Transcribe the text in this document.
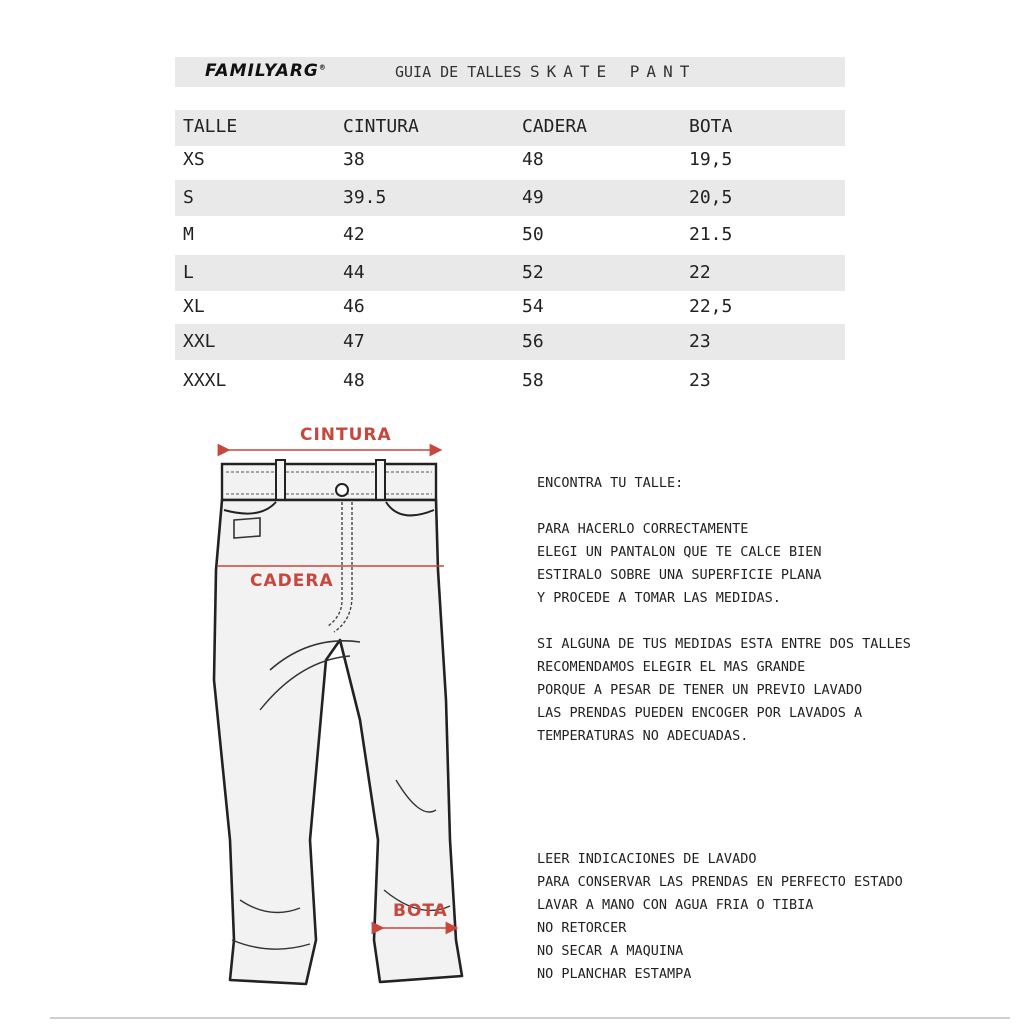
FAMILYARG®	GUIA DE TALLES SKATE PANT
TALLE	CINTURA	CADERA	BOTA
XS	38	48	19,5
S	39.5	49	20,5
M	42	50	21.5
L	44	52	22
XL	46	54	22,5
XXL	47	56	23
XXXL	48	58	23
CINTURA
CADERA
BOTA
ENCONTRA TU TALLE:

PARA HACERLO CORRECTAMENTE
ELEGI UN PANTALON QUE TE CALCE BIEN
ESTIRALO SOBRE UNA SUPERFICIE PLANA
Y PROCEDE A TOMAR LAS MEDIDAS.

SI ALGUNA DE TUS MEDIDAS ESTA ENTRE DOS TALLES
RECOMENDAMOS ELEGIR EL MAS GRANDE
PORQUE A PESAR DE TENER UN PREVIO LAVADO
LAS PRENDAS PUEDEN ENCOGER POR LAVADOS A
TEMPERATURAS NO ADECUADAS.
LEER INDICACIONES DE LAVADO
PARA CONSERVAR LAS PRENDAS EN PERFECTO ESTADO
LAVAR A MANO CON AGUA FRIA O TIBIA
NO RETORCER
NO SECAR A MAQUINA
NO PLANCHAR ESTAMPA
